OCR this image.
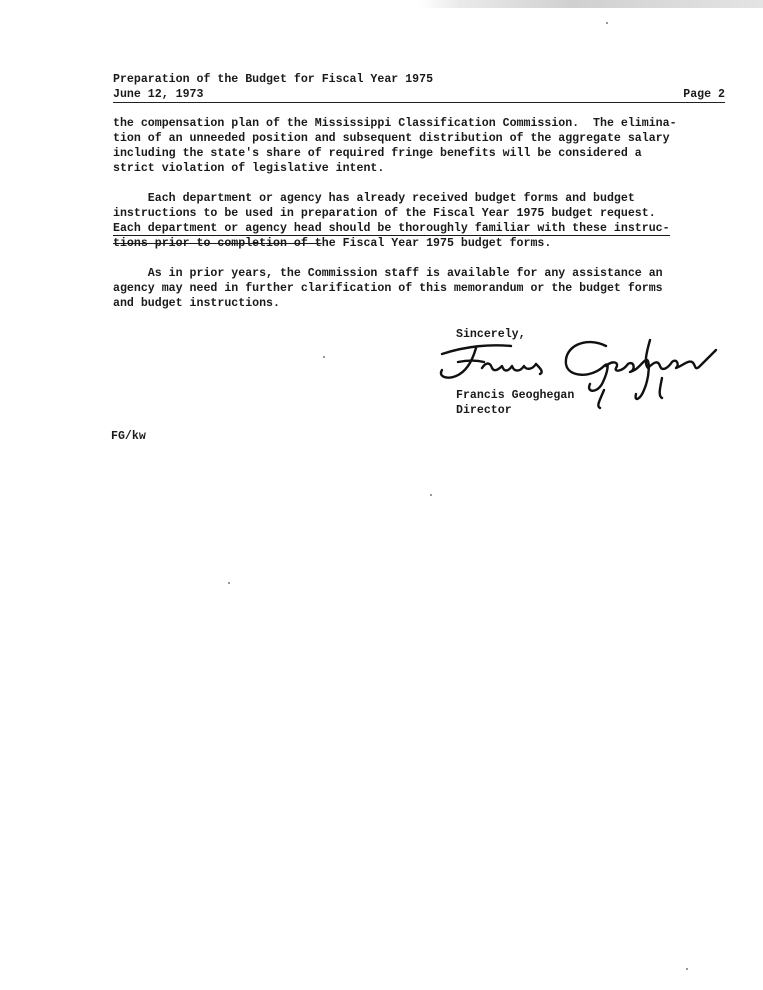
Preparation of the Budget for Fiscal Year 1975
June 12, 1973	Page 2
the compensation plan of the Mississippi Classification Commission.  The elimina-
tion of an unneeded position and subsequent distribution of the aggregate salary
including the state's share of required fringe benefits will be considered a
strict violation of legislative intent.
Each department or agency has already received budget forms and budget
instructions to be used in preparation of the Fiscal Year 1975 budget request.
Each department or agency head should be thoroughly familiar with these instruc-
tions prior to completion of the Fiscal Year 1975 budget forms.
As in prior years, the Commission staff is available for any assistance an
agency may need in further clarification of this memorandum or the budget forms
and budget instructions.
Sincerely,
Francis Geoghegan
Director
FG/kw
